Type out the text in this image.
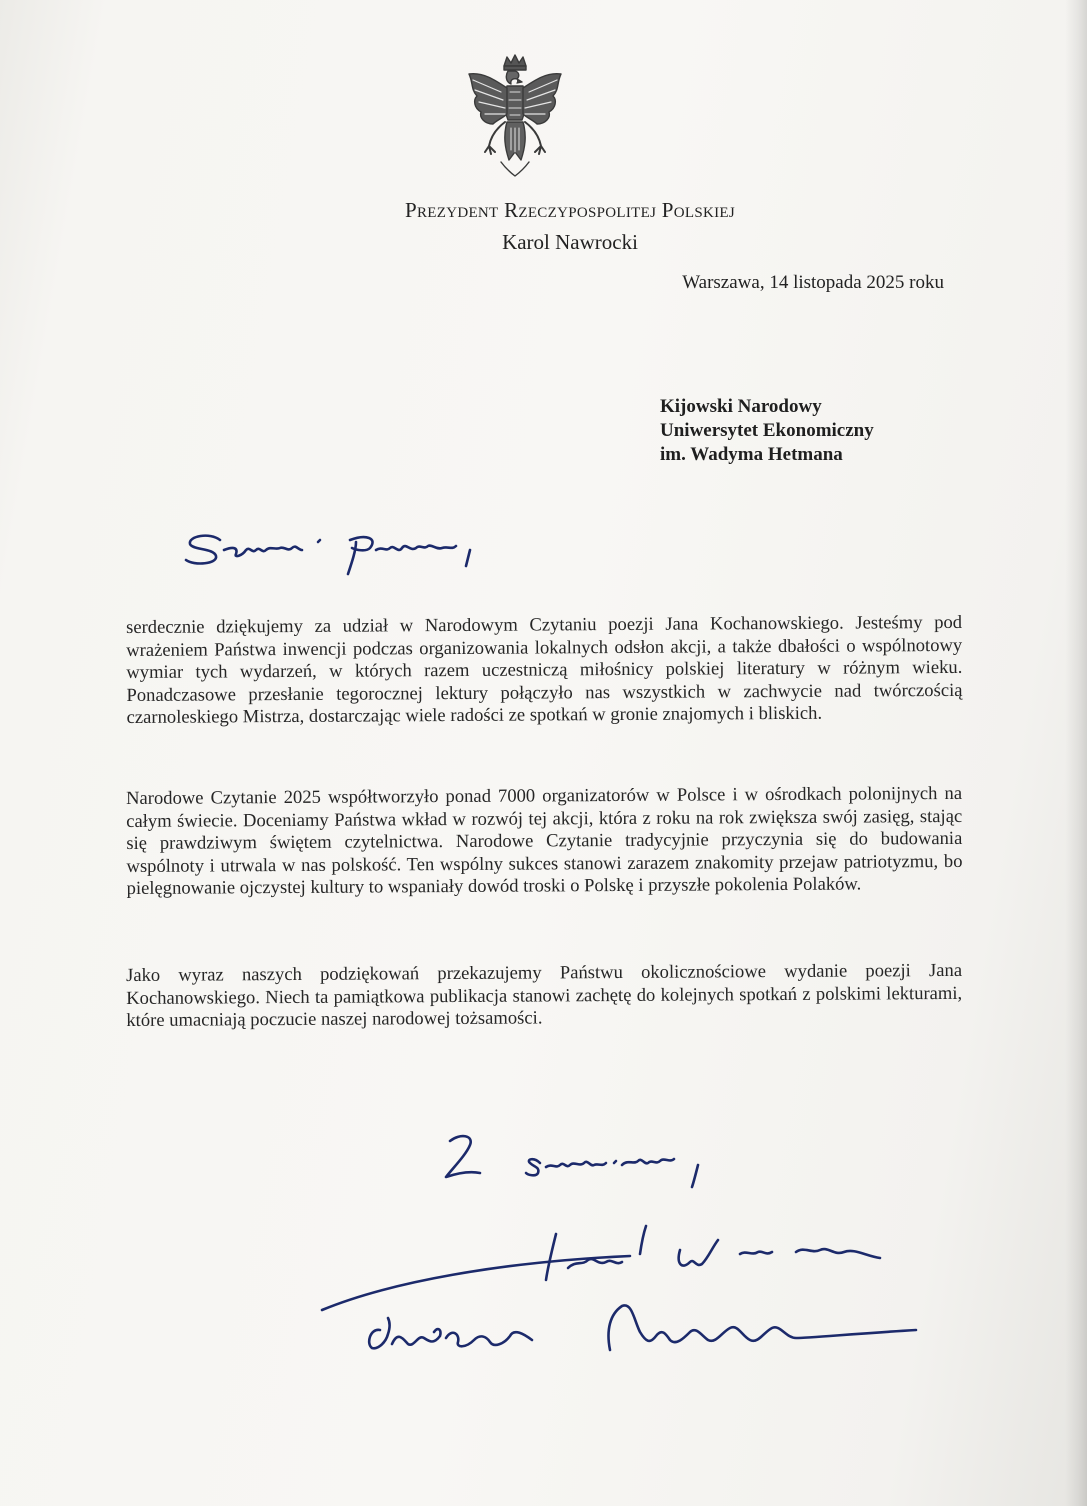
Prezydent Rzeczypospolitej Polskiej
Karol Nawrocki
Warszawa, 14 listopada 2025 roku
Kijowski Narodowy
Uniwersytet Ekonomiczny
im. Wadyma Hetmana
serdecznie dziękujemy za udział w Narodowym Czytaniu poezji Jana Kochanowskiego. Jesteśmy pod wrażeniem Państwa inwencji podczas organizowania lokalnych odsłon akcji, a także dbałości o wspólnotowy wymiar tych wydarzeń, w których razem uczestniczą miłośnicy polskiej literatury w różnym wieku. Ponadczasowe przesłanie tegorocznej lektury połączyło nas wszystkich w zachwycie nad twórczością czarnoleskiego Mistrza, dostarczając wiele radości ze spotkań w gronie znajomych i bliskich.
Narodowe Czytanie 2025 współtworzyło ponad 7000 organizatorów w Polsce i w ośrodkach polonijnych na całym świecie. Doceniamy Państwa wkład w rozwój tej akcji, która z roku na rok zwiększa swój zasięg, stając się prawdziwym świętem czytelnictwa. Narodowe Czytanie tradycyjnie przyczynia się do budowania wspólnoty i utrwala w nas polskość. Ten wspólny sukces stanowi zarazem znakomity przejaw patriotyzmu, bo pielęgnowanie ojczystej kultury to wspaniały dowód troski o Polskę i przyszłe pokolenia Polaków.
Jako wyraz naszych podziękowań przekazujemy Państwu okolicznościowe wydanie poezji Jana Kochanowskiego. Niech ta pamiątkowa publikacja stanowi zachętę do kolejnych spotkań z polskimi lekturami, które umacniają poczucie naszej narodowej tożsamości.
